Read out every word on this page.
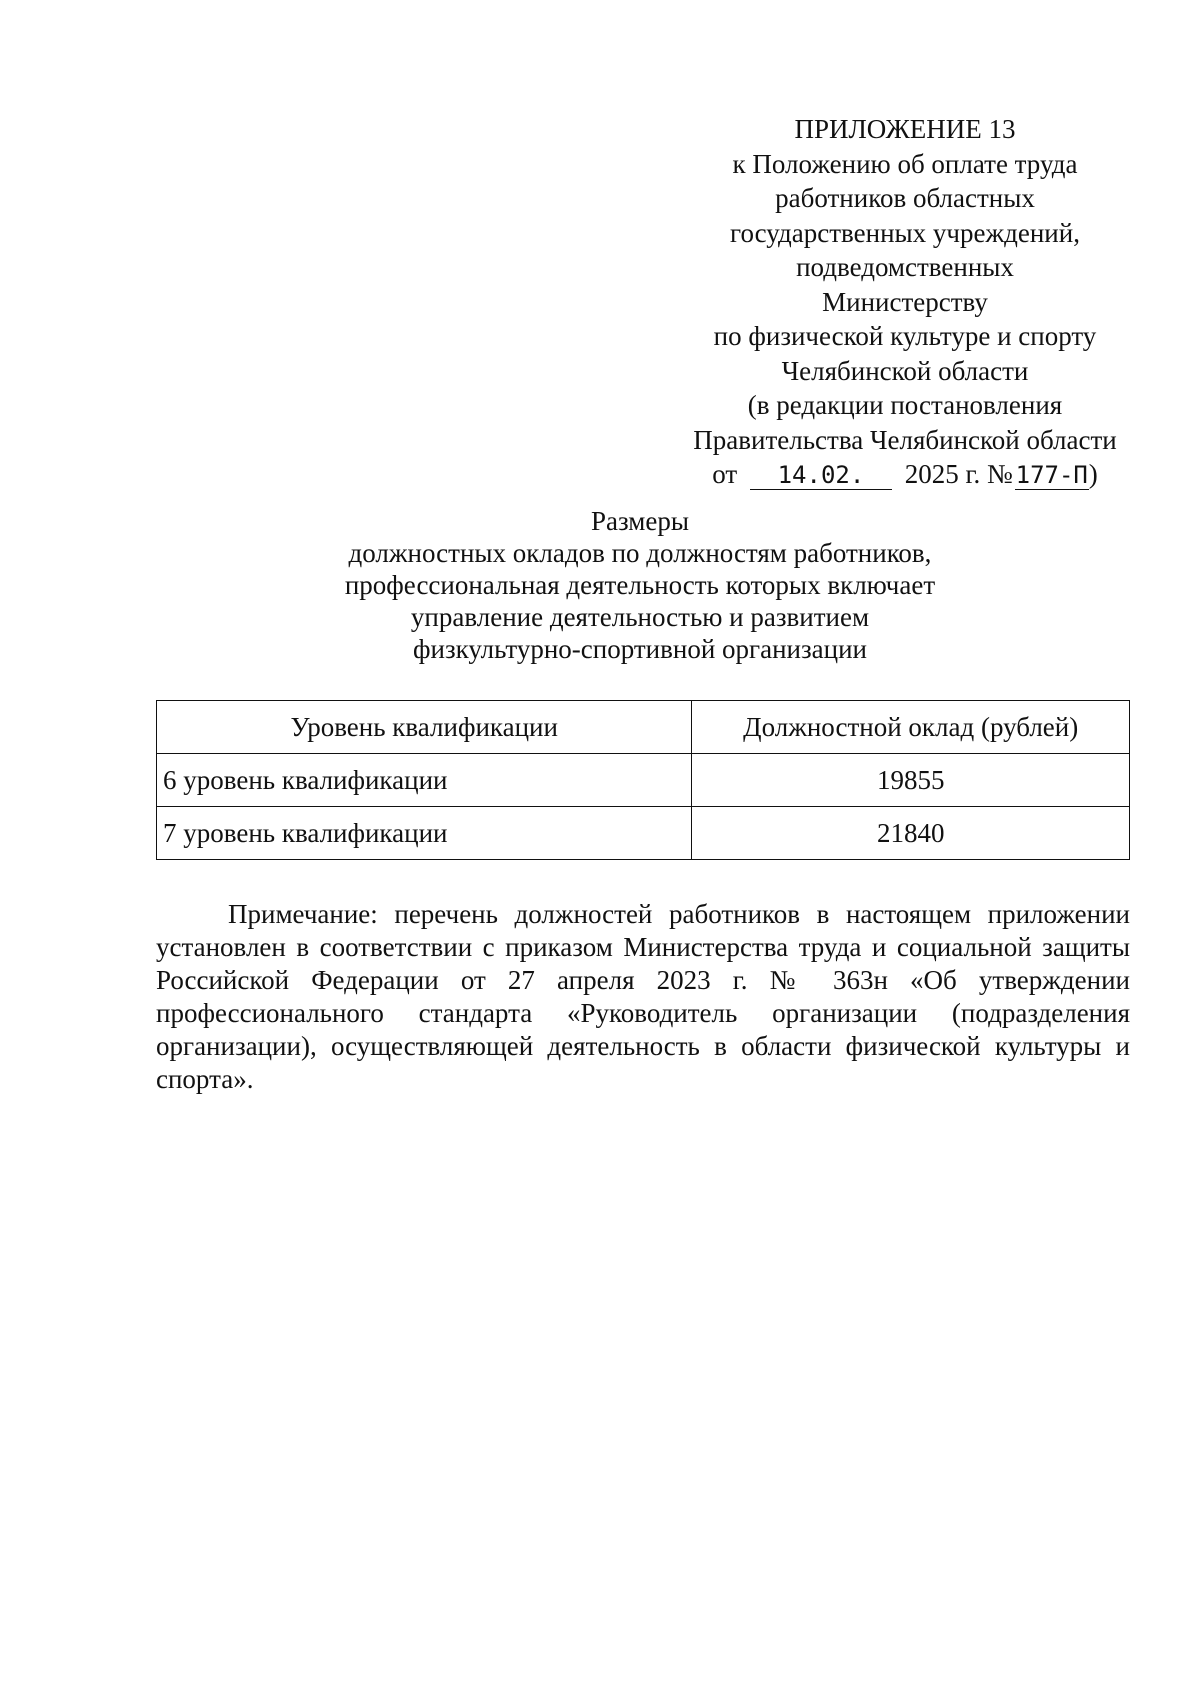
ПРИЛОЖЕНИЕ 13
к Положению об оплате труда
работников областных
государственных учреждений,
подведомственных
Министерству
по физической культуре и спорту
Челябинской области
(в редакции постановления
Правительства Челябинской области
от 14.02. 2025 г. № 177-П)
Размеры
должностных окладов по должностям работников,
профессиональная деятельность которых включает
управление деятельностью и развитием
физкультурно-спортивной организации
Уровень квалификации	Должностной оклад (рублей)
6 уровень квалификации	19855
7 уровень квалификации	21840

Примечание: перечень должностей работников в настоящем приложении установлен в соответствии с приказом Министерства труда и социальной защиты Российской Федерации от 27 апреля 2023 г. № 363н «Об утверждении профессионального стандарта «Руководитель организации (подразделения организации), осуществляющей деятельность в области физической культуры и спорта».
